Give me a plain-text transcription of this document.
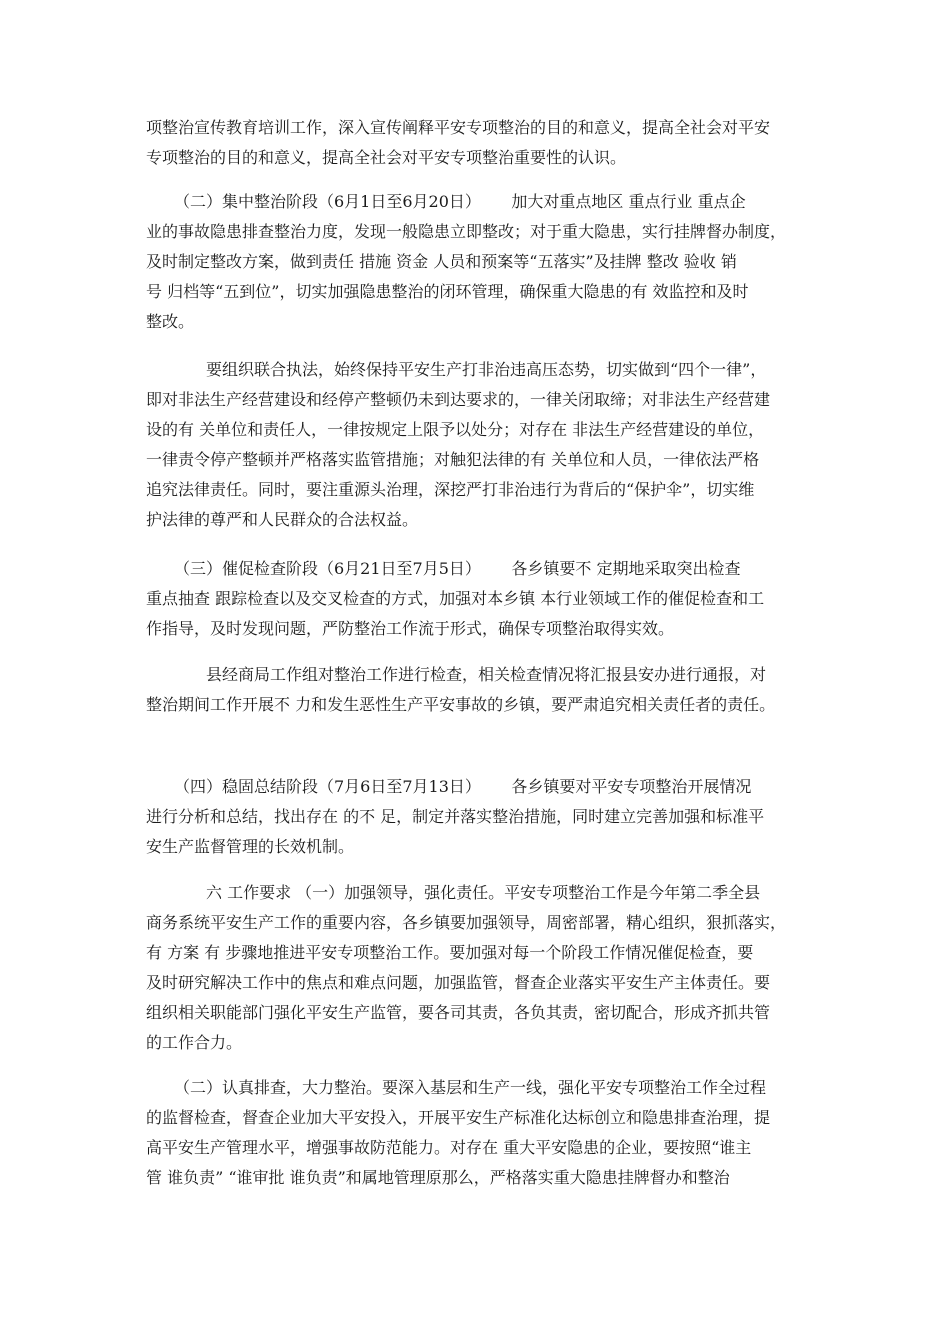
项整治宣传教育培训工作，深入宣传阐释平安专项整治的目的和意义，提高全社会对平安

专项整治的目的和意义，提高全社会对平安专项整治重要性的认识。

（二）集中整治阶段（6月1日至6月20日）      加大对重点地区 重点行业 重点企

业的事故隐患排查整治力度，发现一般隐患立即整改；对于重大隐患，实行挂牌督办制度，

及时制定整改方案，做到责任 措施 资金 人员和预案等“五落实”及挂牌 整改 验收 销

号 归档等“五到位”，切实加强隐患整治的闭环管理，确保重大隐患的有 效监控和及时

整改。

要组织联合执法，始终保持平安生产打非治违高压态势，切实做到“四个一律”，

即对非法生产经营建设和经停产整顿仍未到达要求的，一律关闭取缔；对非法生产经营建

设的有 关单位和责任人，一律按规定上限予以处分；对存在 非法生产经营建设的单位，

一律责令停产整顿并严格落实监管措施；对触犯法律的有 关单位和人员，一律依法严格

追究法律责任。同时，要注重源头治理，深挖严打非治违行为背后的“保护伞”，切实维

护法律的尊严和人民群众的合法权益。

（三）催促检查阶段（6月21日至7月5日）      各乡镇要不 定期地采取突出检查

重点抽查 跟踪检查以及交叉检查的方式，加强对本乡镇 本行业领域工作的催促检查和工

作指导，及时发现问题，严防整治工作流于形式，确保专项整治取得实效。

县经商局工作组对整治工作进行检查，相关检查情况将汇报县安办进行通报，对

整治期间工作开展不 力和发生恶性生产平安事故的乡镇，要严肃追究相关责任者的责任。

（四）稳固总结阶段（7月6日至7月13日）      各乡镇要对平安专项整治开展情况

进行分析和总结，找出存在 的不 足，制定并落实整治措施，同时建立完善加强和标准平

安生产监督管理的长效机制。

六 工作要求 （一）加强领导，强化责任。平安专项整治工作是今年第二季全县

商务系统平安生产工作的重要内容，各乡镇要加强领导，周密部署，精心组织，狠抓落实，

有 方案 有 步骤地推进平安专项整治工作。要加强对每一个阶段工作情况催促检查，要

及时研究解决工作中的焦点和难点问题，加强监管，督查企业落实平安生产主体责任。要

组织相关职能部门强化平安生产监管，要各司其责，各负其责，密切配合，形成齐抓共管

的工作合力。

（二）认真排查，大力整治。要深入基层和生产一线，强化平安专项整治工作全过程

的监督检查，督查企业加大平安投入，开展平安生产标准化达标创立和隐患排查治理，提

高平安生产管理水平，增强事故防范能力。对存在 重大平安隐患的企业，要按照“谁主

管 谁负责” “谁审批 谁负责”和属地管理原那么，严格落实重大隐患挂牌督办和整治
